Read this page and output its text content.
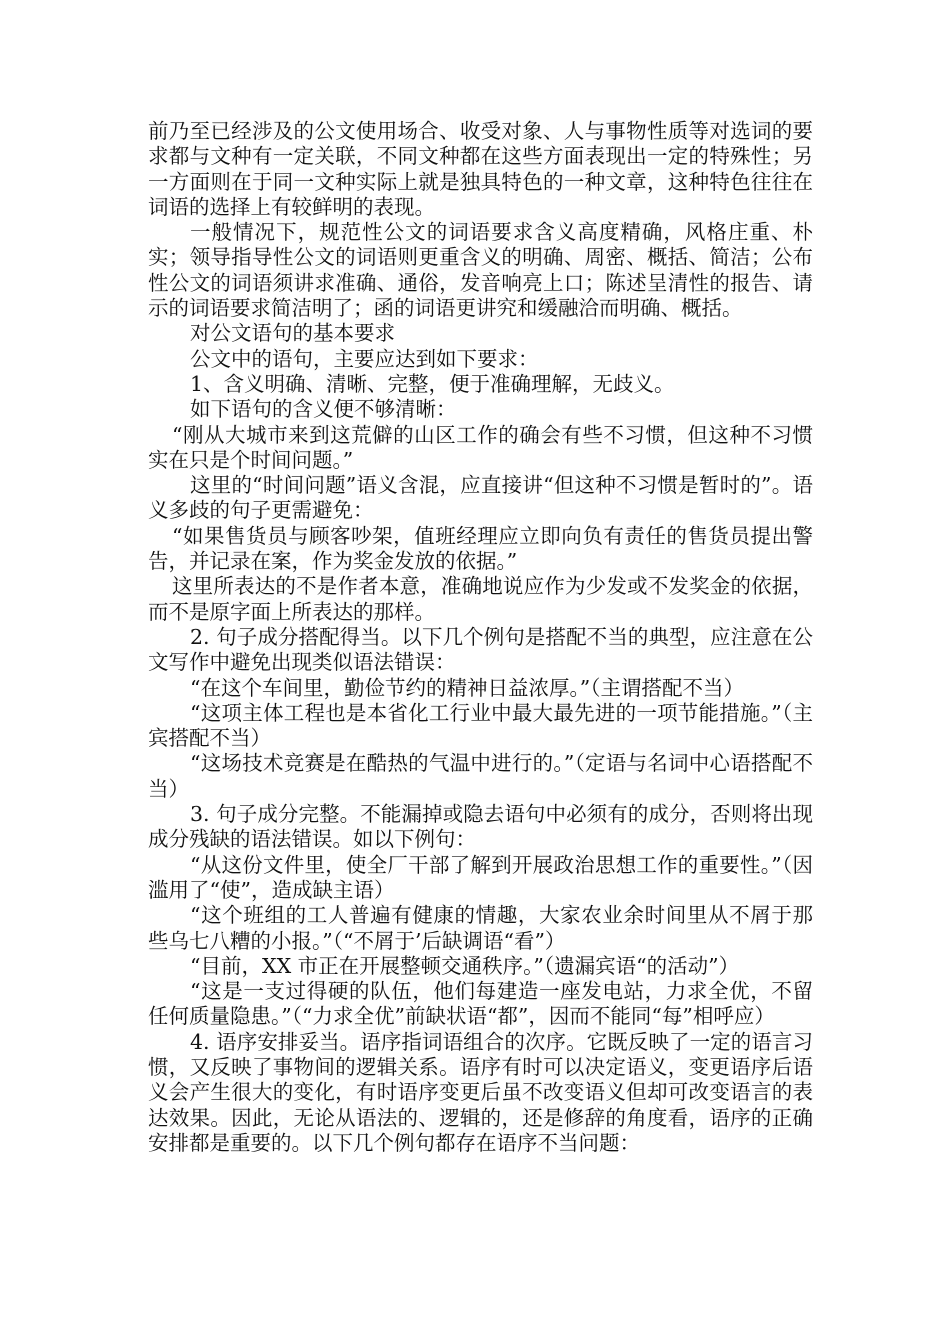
前乃至已经涉及的公文使用场合、收受对象、人与事物性质等对选词的要求都与文种有一定关联，不同文种都在这些方面表现出一定的特殊性；另一方面则在于同一文种实际上就是独具特色的一种文章，这种特色往往在词语的选择上有较鲜明的表现。

一般情况下，规范性公文的词语要求含义高度精确，风格庄重、朴实；领导指导性公文的词语则更重含义的明确、周密、概括、简洁；公布性公文的词语须讲求准确、通俗，发音响亮上口；陈述呈清性的报告、请示的词语要求简洁明了；函的词语更讲究和缓融洽而明确、概括。

对公文语句的基本要求

公文中的语句，主要应达到如下要求：

1、含义明确、清晰、完整，便于准确理解，无歧义。

如下语句的含义便不够清晰：

“刚从大城市来到这荒僻的山区工作的确会有些不习惯，但这种不习惯实在只是个时间问题。”

这里的“时间问题”语义含混，应直接讲“但这种不习惯是暂时的”。语义多歧的句子更需避免：

“如果售货员与顾客吵架，值班经理应立即向负有责任的售货员提出警告，并记录在案，作为奖金发放的依据。”

这里所表达的不是作者本意，准确地说应作为少发或不发奖金的依据，而不是原字面上所表达的那样。

2. 句子成分搭配得当。以下几个例句是搭配不当的典型，应注意在公文写作中避免出现类似语法错误：

“在这个车间里，勤俭节约的精神日益浓厚。”（主谓搭配不当）

“这项主体工程也是本省化工行业中最大最先进的一项节能措施。”（主宾搭配不当）

“这场技术竞赛是在酷热的气温中进行的。”（定语与名词中心语搭配不当）

3. 句子成分完整。不能漏掉或隐去语句中必须有的成分，否则将出现成分残缺的语法错误。如以下例句：

“从这份文件里，使全厂干部了解到开展政治思想工作的重要性。”（因滥用了“使”，造成缺主语）

“这个班组的工人普遍有健康的情趣，大家农业余时间里从不屑于那些乌七八糟的小报。”（“不屑于’后缺调语“看”）

“目前，XX 市正在开展整顿交通秩序。”（遗漏宾语“的活动”）

“这是一支过得硬的队伍，他们每建造一座发电站，力求全优，不留任何质量隐患。”（“力求全优”前缺状语“都”，因而不能同“每”相呼应）

4. 语序安排妥当。语序指词语组合的次序。它既反映了一定的语言习惯，又反映了事物间的逻辑关系。语序有时可以决定语义，变更语序后语义会产生很大的变化，有时语序变更后虽不改变语义但却可改变语言的表达效果。因此，无论从语法的、逻辑的，还是修辞的角度看，语序的正确安排都是重要的。以下几个例句都存在语序不当问题：
